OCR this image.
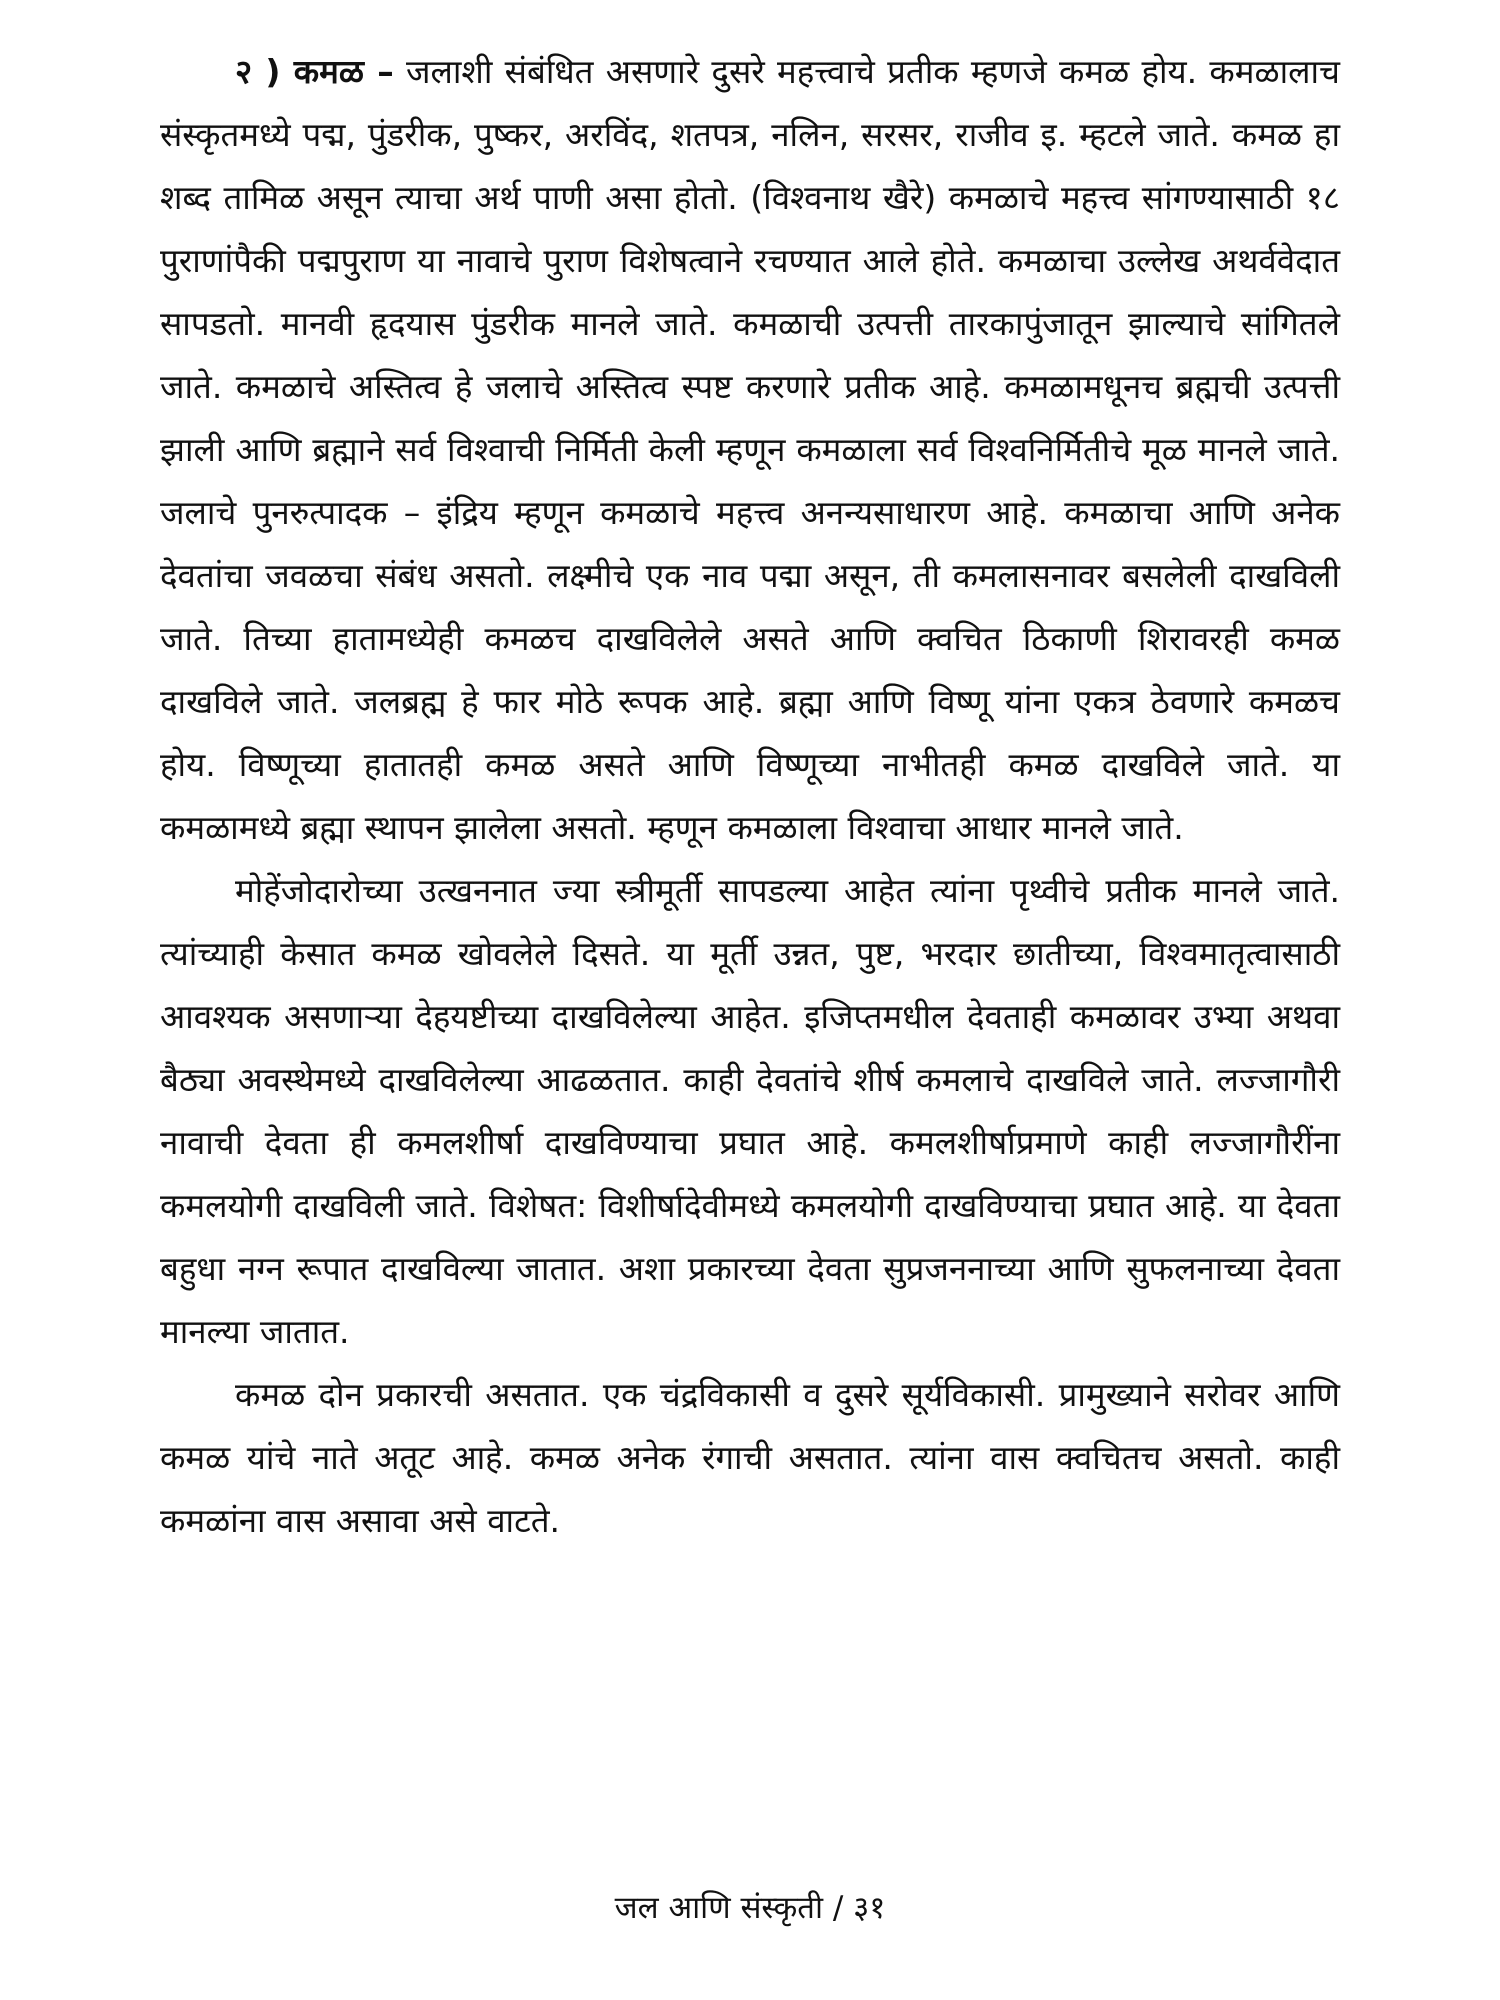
२ ) कमळ – जलाशी संबंधित असणारे दुसरे महत्त्वाचे प्रतीक म्हणजे कमळ होय. कमळालाच संस्कृतमध्ये पद्म, पुंडरीक, पुष्कर, अरविंद, शतपत्र, नलिन, सरसर, राजीव इ. म्हटले जाते. कमळ हा शब्द तामिळ असून त्याचा अर्थ पाणी असा होतो. (विश्वनाथ खैरे) कमळाचे महत्त्व सांगण्यासाठी १८ पुराणांपैकी पद्मपुराण या नावाचे पुराण विशेषत्वाने रचण्यात आले होते. कमळाचा उल्लेख अथर्ववेदात सापडतो. मानवी हृदयास पुंडरीक मानले जाते. कमळाची उत्पत्ती तारकापुंजातून झाल्याचे सांगितले जाते. कमळाचे अस्तित्व हे जलाचे अस्तित्व स्पष्ट करणारे प्रतीक आहे. कमळामधूनच ब्रह्मची उत्पत्ती झाली आणि ब्रह्माने सर्व विश्वाची निर्मिती केली म्हणून कमळाला सर्व विश्वनिर्मितीचे मूळ मानले जाते. जलाचे पुनरुत्पादक – इंद्रिय म्हणून कमळाचे महत्त्व अनन्यसाधारण आहे. कमळाचा आणि अनेक देवतांचा जवळचा संबंध असतो. लक्ष्मीचे एक नाव पद्मा असून, ती कमलासनावर बसलेली दाखविली जाते. तिच्या हातामध्येही कमळच दाखविलेले असते आणि क्वचित ठिकाणी शिरावरही कमळ दाखविले जाते. जलब्रह्म हे फार मोठे रूपक आहे. ब्रह्मा आणि विष्णू यांना एकत्र ठेवणारे कमळच होय. विष्णूच्या हातातही कमळ असते आणि विष्णूच्या नाभीतही कमळ दाखविले जाते. या कमळामध्ये ब्रह्मा स्थापन झालेला असतो. म्हणून कमळाला विश्वाचा आधार मानले जाते.

मोहेंजोदारोच्या उत्खननात ज्या स्त्रीमूर्ती सापडल्या आहेत त्यांना पृथ्वीचे प्रतीक मानले जाते. त्यांच्याही केसात कमळ खोवलेले दिसते. या मूर्ती उन्नत, पुष्ट, भरदार छातीच्या, विश्वमातृत्वासाठी आवश्यक असणाऱ्या देहयष्टीच्या दाखविलेल्या आहेत. इजिप्तमधील देवताही कमळावर उभ्या अथवा बैठ्या अवस्थेमध्ये दाखविलेल्या आढळतात. काही देवतांचे शीर्ष कमलाचे दाखविले जाते. लज्जागौरी नावाची देवता ही कमलशीर्षा दाखविण्याचा प्रघात आहे. कमलशीर्षाप्रमाणे काही लज्जागौरींना कमलयोगी दाखविली जाते. विशेषत: विशीर्षादेवीमध्ये कमलयोगी दाखविण्याचा प्रघात आहे. या देवता बहुधा नग्न रूपात दाखविल्या जातात. अशा प्रकारच्या देवता सुप्रजननाच्या आणि सुफलनाच्या देवता मानल्या जातात.

कमळ दोन प्रकारची असतात. एक चंद्रविकासी व दुसरे सूर्यविकासी. प्रामुख्याने सरोवर आणि कमळ यांचे नाते अतूट आहे. कमळ अनेक रंगाची असतात. त्यांना वास क्वचितच असतो. काही कमळांना वास असावा असे वाटते.

जल आणि संस्कृती / ३१
